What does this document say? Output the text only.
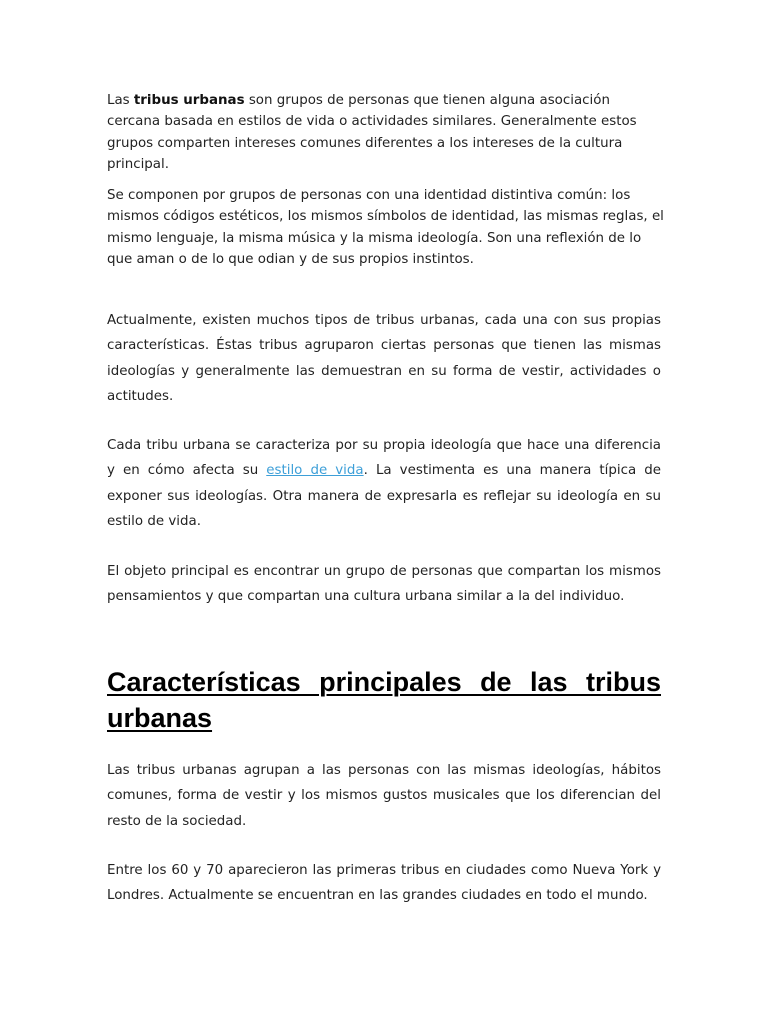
Las tribus urbanas son grupos de personas que tienen alguna asociación cercana basada en estilos de vida o actividades similares. Generalmente estos grupos comparten intereses comunes diferentes a los intereses de la cultura principal.

Se componen por grupos de personas con una identidad distintiva común: los mismos códigos estéticos, los mismos símbolos de identidad, las mismas reglas, el mismo lenguaje, la misma música y la misma ideología. Son una reflexión de lo que aman o de lo que odian y de sus propios instintos.

Actualmente, existen muchos tipos de tribus urbanas, cada una con sus propias características. Éstas tribus agruparon ciertas personas que tienen las mismas ideologías y generalmente las demuestran en su forma de vestir, actividades o actitudes.

Cada tribu urbana se caracteriza por su propia ideología que hace una diferencia y en cómo afecta su estilo de vida. La vestimenta es una manera típica de exponer sus ideologías. Otra manera de expresarla es reflejar su ideología en su estilo de vida.

El objeto principal es encontrar un grupo de personas que compartan los mismos pensamientos y que compartan una cultura urbana similar a la del individuo.

Características principales de las tribus urbanas

Las tribus urbanas agrupan a las personas con las mismas ideologías, hábitos comunes, forma de vestir y los mismos gustos musicales que los diferencian del resto de la sociedad.

Entre los 60 y 70 aparecieron las primeras tribus en ciudades como Nueva York y Londres. Actualmente se encuentran en las grandes ciudades en todo el mundo.
